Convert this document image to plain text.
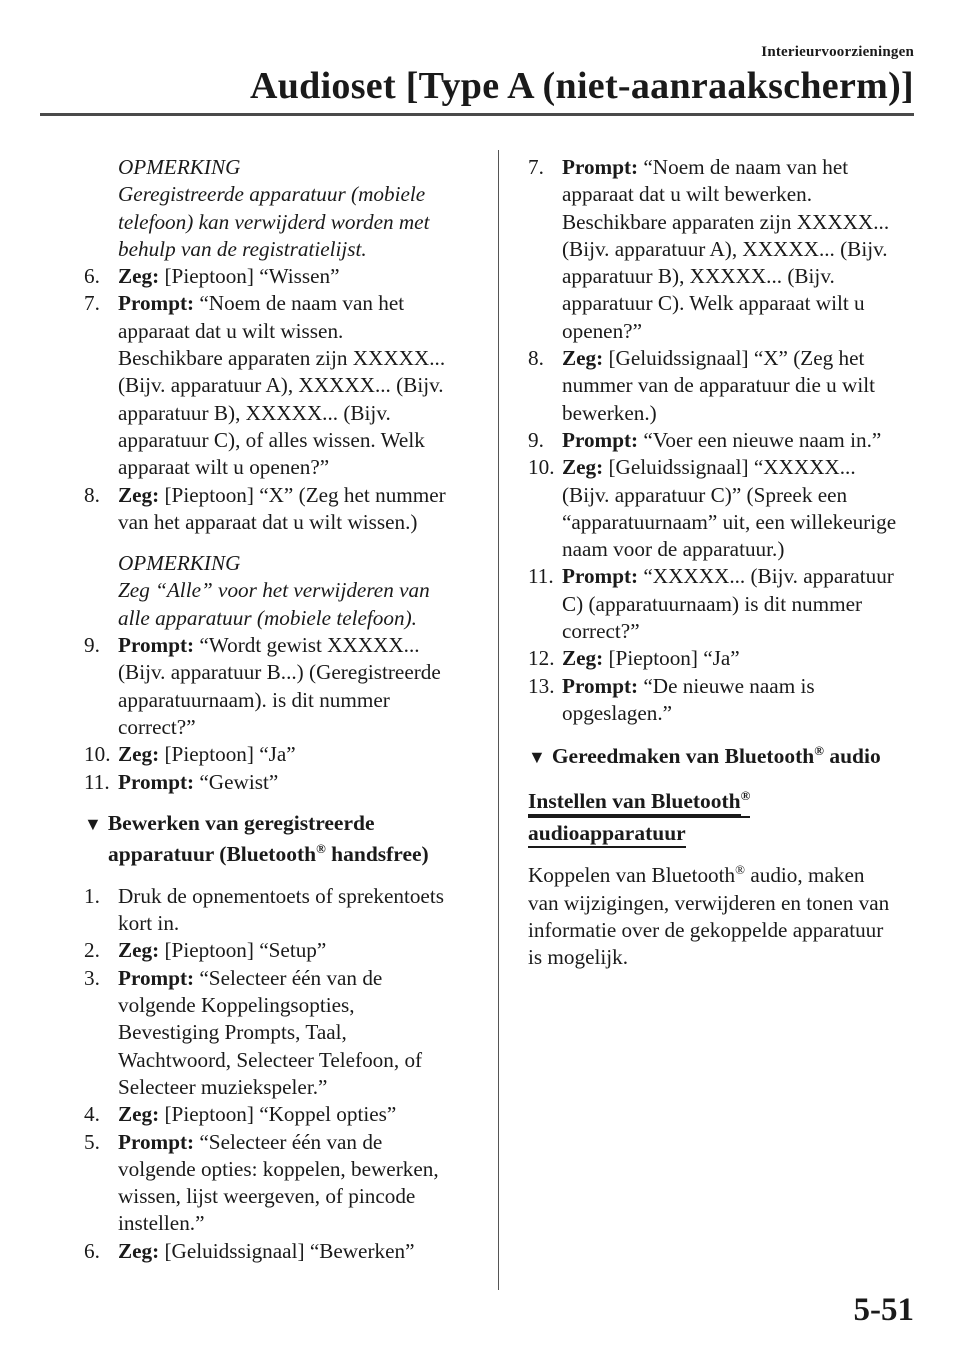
Interieurvoorzieningen
Audioset [Type A (niet-aanraakscherm)]
OPMERKING
Geregistreerde apparatuur (mobiele
telefoon) kan verwijderd worden met
behulp van de registratielijst.
6. Zeg: [Pieptoon] “Wissen”
7. Prompt: “Noem de naam van het
apparaat dat u wilt wissen.
Beschikbare apparaten zijn XXXXX...
(Bijv. apparatuur A), XXXXX... (Bijv.
apparatuur B), XXXXX... (Bijv.
apparatuur C), of alles wissen. Welk
apparaat wilt u openen?”
8. Zeg: [Pieptoon] “X” (Zeg het nummer
van het apparaat dat u wilt wissen.)
OPMERKING
Zeg “Alle” voor het verwijderen van
alle apparatuur (mobiele telefoon).
9. Prompt: “Wordt gewist XXXXX...
(Bijv. apparatuur B...) (Geregistreerde
apparatuurnaam). is dit nummer
correct?”
10. Zeg: [Pieptoon] “Ja”
11. Prompt: “Gewist”
▼ Bewerken van geregistreerde
apparatuur (Bluetooth® handsfree)
1. Druk de opnementoets of sprekentoets
kort in.
2. Zeg: [Pieptoon] “Setup”
3. Prompt: “Selecteer één van de
volgende Koppelingsopties,
Bevestiging Prompts, Taal,
Wachtwoord, Selecteer Telefoon, of
Selecteer muziekspeler.”
4. Zeg: [Pieptoon] “Koppel opties”
5. Prompt: “Selecteer één van de
volgende opties: koppelen, bewerken,
wissen, lijst weergeven, of pincode
instellen.”
6. Zeg: [Geluidssignaal] “Bewerken”
7. Prompt: “Noem de naam van het
apparaat dat u wilt bewerken.
Beschikbare apparaten zijn XXXXX...
(Bijv. apparatuur A), XXXXX... (Bijv.
apparatuur B), XXXXX... (Bijv.
apparatuur C). Welk apparaat wilt u
openen?”
8. Zeg: [Geluidssignaal] “X” (Zeg het
nummer van de apparatuur die u wilt
bewerken.)
9. Prompt: “Voer een nieuwe naam in.”
10. Zeg: [Geluidssignaal] “XXXXX...
(Bijv. apparatuur C)” (Spreek een
“apparatuurnaam” uit, een willekeurige
naam voor de apparatuur.)
11. Prompt: “XXXXX... (Bijv. apparatuur
C) (apparatuurnaam) is dit nummer
correct?”
12. Zeg: [Pieptoon] “Ja”
13. Prompt: “De nieuwe naam is
opgeslagen.”
▼ Gereedmaken van Bluetooth® audio
Instellen van Bluetooth®
audioapparatuur
Koppelen van Bluetooth® audio, maken
van wijzigingen, verwijderen en tonen van
informatie over de gekoppelde apparatuur
is mogelijk.
5-51
